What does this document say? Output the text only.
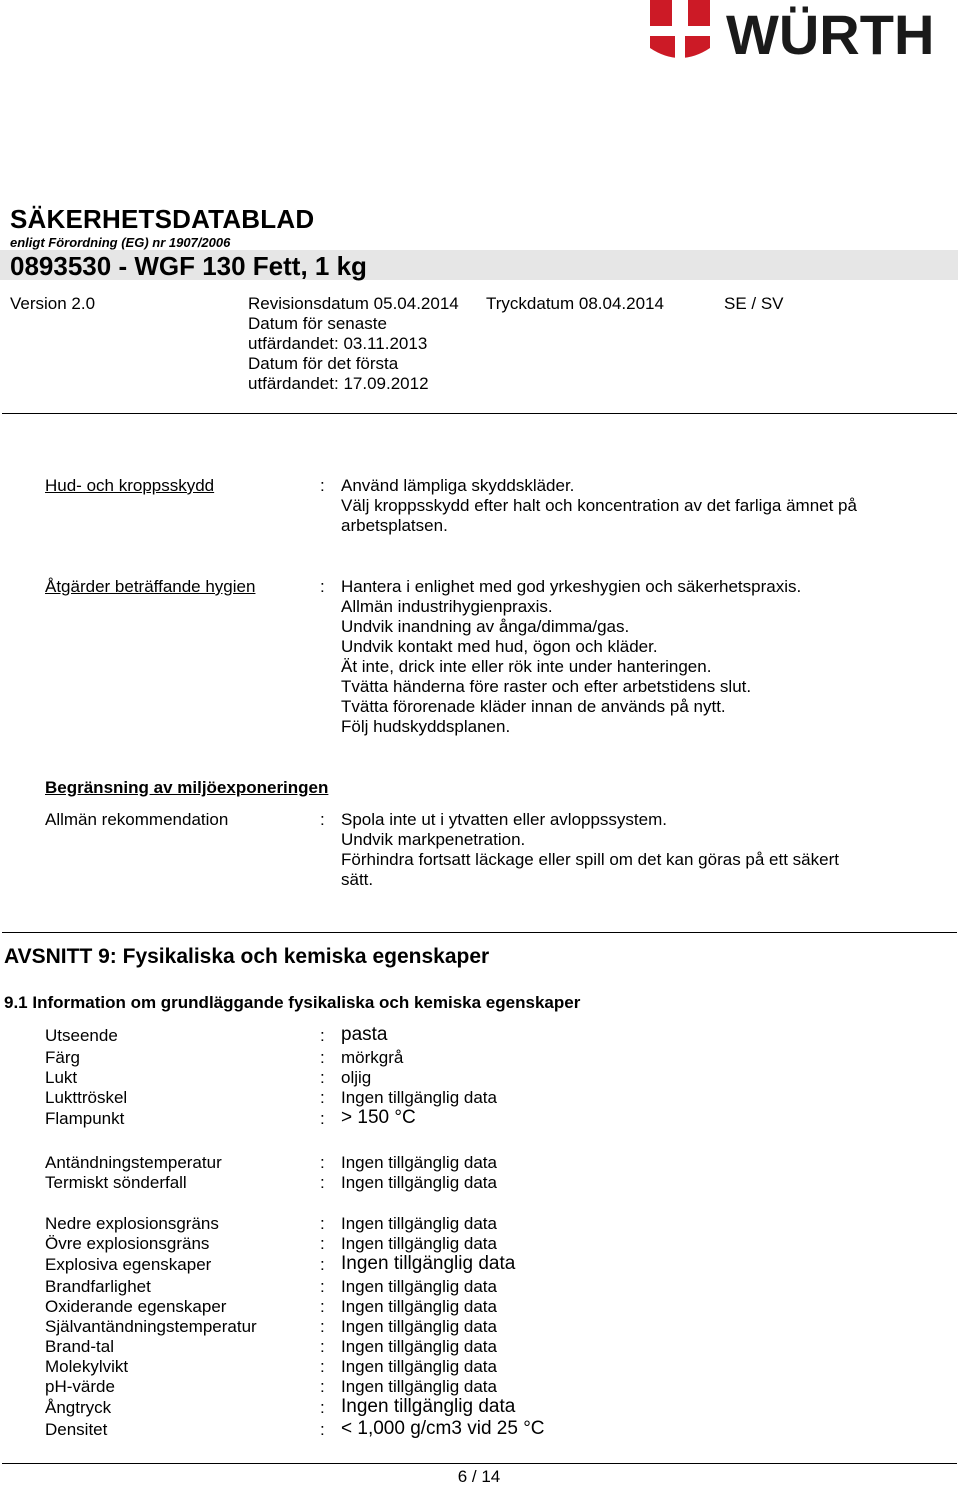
WÜRTH
SÄKERHETSDATABLAD
enligt Förordning (EG) nr 1907/2006
0893530 - WGF 130 Fett, 1 kg
Version 2.0	Revisionsdatum 05.04.2014
Datum för senaste
utfärdandet: 03.11.2013
Datum för det första
utfärdandet: 17.09.2012
Tryckdatum 08.04.2014	SE / SV
Hud- och kroppsskydd	: Använd lämpliga skyddskläder.
Välj kroppsskydd efter halt och koncentration av det farliga ämnet på
arbetsplatsen.
Åtgärder beträffande hygien	: Hantera i enlighet med god yrkeshygien och säkerhetspraxis.
Allmän industrihygienpraxis.
Undvik inandning av ånga/dimma/gas.
Undvik kontakt med hud, ögon och kläder.
Ät inte, drick inte eller rök inte under hanteringen.
Tvätta händerna före raster och efter arbetstidens slut.
Tvätta förorenade kläder innan de används på nytt.
Följ hudskyddsplanen.
Begränsning av miljöexponeringen
Allmän rekommendation	: Spola inte ut i ytvatten eller avloppssystem.
Undvik markpenetration.
Förhindra fortsatt läckage eller spill om det kan göras på ett säkert
sätt.
AVSNITT 9: Fysikaliska och kemiska egenskaper
9.1 Information om grundläggande fysikaliska och kemiska egenskaper
Utseende	: pasta
Färg	: mörkgrå
Lukt	: oljig
Lukttröskel	: Ingen tillgänglig data
Flampunkt	: > 150 °C
Antändningstemperatur	: Ingen tillgänglig data
Termiskt sönderfall	: Ingen tillgänglig data
Nedre explosionsgräns	: Ingen tillgänglig data
Övre explosionsgräns	: Ingen tillgänglig data
Explosiva egenskaper	: Ingen tillgänglig data
Brandfarlighet	: Ingen tillgänglig data
Oxiderande egenskaper	: Ingen tillgänglig data
Självantändningstemperatur	: Ingen tillgänglig data
Brand-tal	: Ingen tillgänglig data
Molekylvikt	: Ingen tillgänglig data
pH-värde	: Ingen tillgänglig data
Ångtryck	: Ingen tillgänglig data
Densitet	: < 1,000 g/cm3 vid 25 °C
6 / 14
